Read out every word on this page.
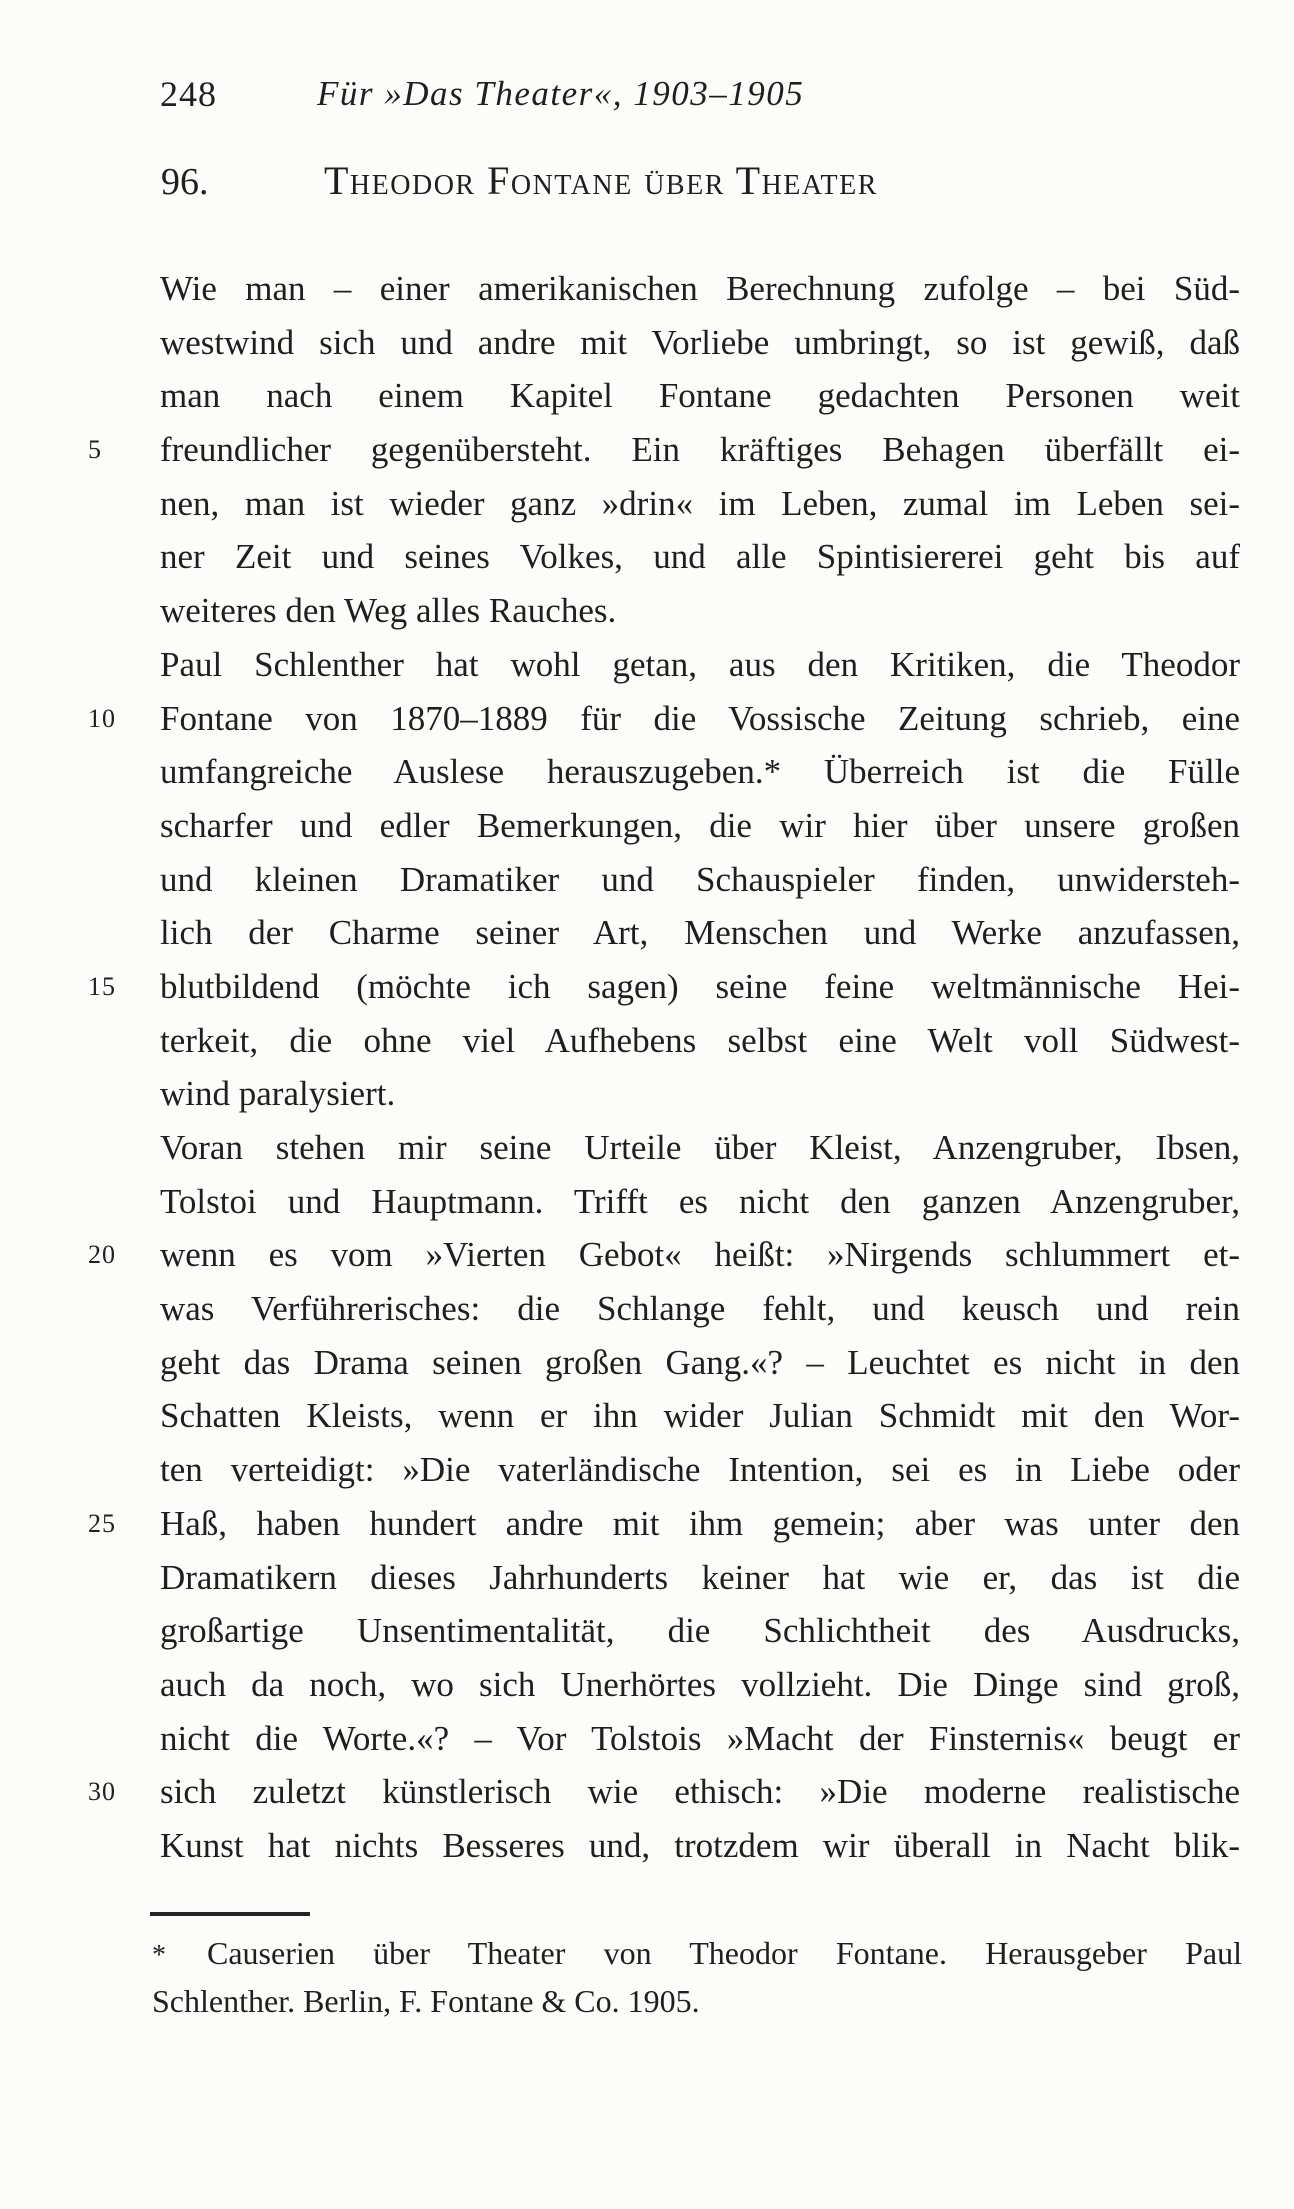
248	Für »Das Theater«, 1903–1905
96.	Theodor Fontane über Theater
Wie man – einer amerikanischen Berechnung zufolge – bei Süd-
westwind sich und andre mit Vorliebe umbringt, so ist gewiß, daß
man nach einem Kapitel Fontane gedachten Personen weit
freundlicher gegenübersteht. Ein kräftiges Behagen überfällt ei-
5
nen, man ist wieder ganz »drin« im Leben, zumal im Leben sei-
ner Zeit und seines Volkes, und alle Spintisiererei geht bis auf
weiteres den Weg alles Rauches.
Paul Schlenther hat wohl getan, aus den Kritiken, die Theodor
Fontane von 1870–1889 für die Vossische Zeitung schrieb, eine
10
umfangreiche Auslese herauszugeben.* Überreich ist die Fülle
scharfer und edler Bemerkungen, die wir hier über unsere großen
und kleinen Dramatiker und Schauspieler finden, unwidersteh-
lich der Charme seiner Art, Menschen und Werke anzufassen,
blutbildend (möchte ich sagen) seine feine weltmännische Hei-
15
terkeit, die ohne viel Aufhebens selbst eine Welt voll Südwest-
wind paralysiert.
Voran stehen mir seine Urteile über Kleist, Anzengruber, Ibsen,
Tolstoi und Hauptmann. Trifft es nicht den ganzen Anzengruber,
wenn es vom »Vierten Gebot« heißt: »Nirgends schlummert et-
20
was Verführerisches: die Schlange fehlt, und keusch und rein
geht das Drama seinen großen Gang.«? – Leuchtet es nicht in den
Schatten Kleists, wenn er ihn wider Julian Schmidt mit den Wor-
ten verteidigt: »Die vaterländische Intention, sei es in Liebe oder
Haß, haben hundert andre mit ihm gemein; aber was unter den
25
Dramatikern dieses Jahrhunderts keiner hat wie er, das ist die
großartige Unsentimentalität, die Schlichtheit des Ausdrucks,
auch da noch, wo sich Unerhörtes vollzieht. Die Dinge sind groß,
nicht die Worte.«? – Vor Tolstois »Macht der Finsternis« beugt er
sich zuletzt künstlerisch wie ethisch: »Die moderne realistische
30
Kunst hat nichts Besseres und, trotzdem wir überall in Nacht blik-
* Causerien über Theater von Theodor Fontane. Herausgeber Paul
Schlenther. Berlin, F. Fontane & Co. 1905.
